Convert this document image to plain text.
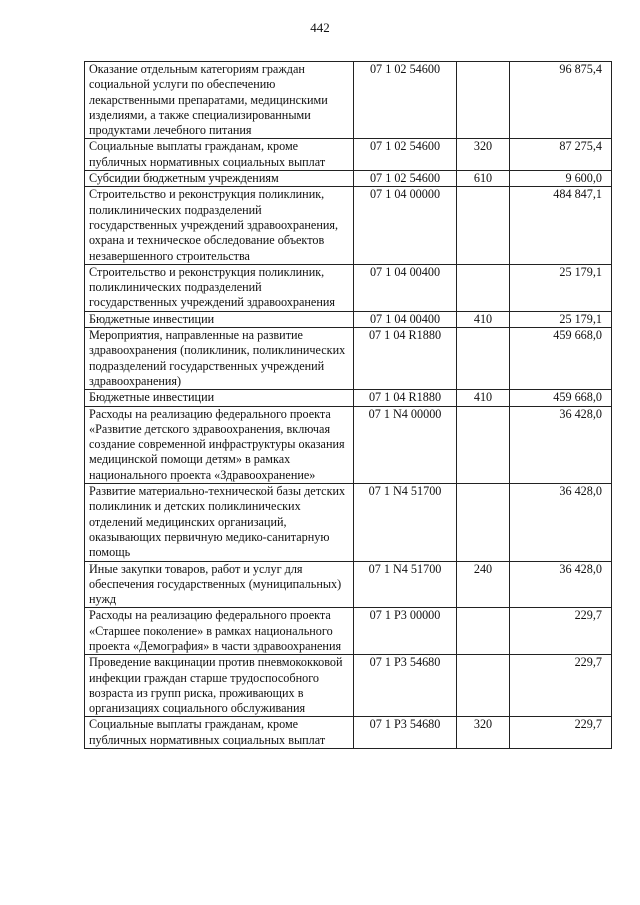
442
Оказание отдельным категориям граждан социальной услуги по обеспечению лекарственными препаратами, медицинскими изделиями, а также специализированными продуктами лечебного питания	07 1 02 54600		96 875,4
Социальные выплаты гражданам, кроме публичных нормативных социальных выплат	07 1 02 54600	320	87 275,4
Субсидии бюджетным учреждениям	07 1 02 54600	610	9 600,0
Строительство и реконструкция поликлиник, поликлинических подразделений государственных учреждений здравоохранения, охрана и техническое обследование объектов незавершенного строительства	07 1 04 00000		484 847,1
Строительство и реконструкция поликлиник, поликлинических подразделений государственных учреждений здравоохранения	07 1 04 00400		25 179,1
Бюджетные инвестиции	07 1 04 00400	410	25 179,1
Мероприятия, направленные на развитие здравоохранения (поликлиник, поликлинических подразделений государственных учреждений здравоохранения)	07 1 04 R1880		459 668,0
Бюджетные инвестиции	07 1 04 R1880	410	459 668,0
Расходы на реализацию федерального проекта «Развитие детского здравоохранения, включая создание современной инфраструктуры оказания медицинской помощи детям» в рамках национального проекта «Здравоохранение»	07 1 N4 00000		36 428,0
Развитие материально-технической базы детских поликлиник и детских поликлинических отделений медицинских организаций, оказывающих первичную медико-санитарную помощь	07 1 N4 51700		36 428,0
Иные закупки товаров, работ и услуг для обеспечения государственных (муниципальных) нужд	07 1 N4 51700	240	36 428,0
Расходы на реализацию федерального проекта «Старшее поколение» в рамках национального проекта «Демография» в части здравоохранения	07 1 P3 00000		229,7
Проведение вакцинации против пневмококковой инфекции граждан старше трудоспособного возраста из групп риска, проживающих в организациях социального обслуживания	07 1 P3 54680		229,7
Социальные выплаты гражданам, кроме публичных нормативных социальных выплат	07 1 P3 54680	320	229,7
